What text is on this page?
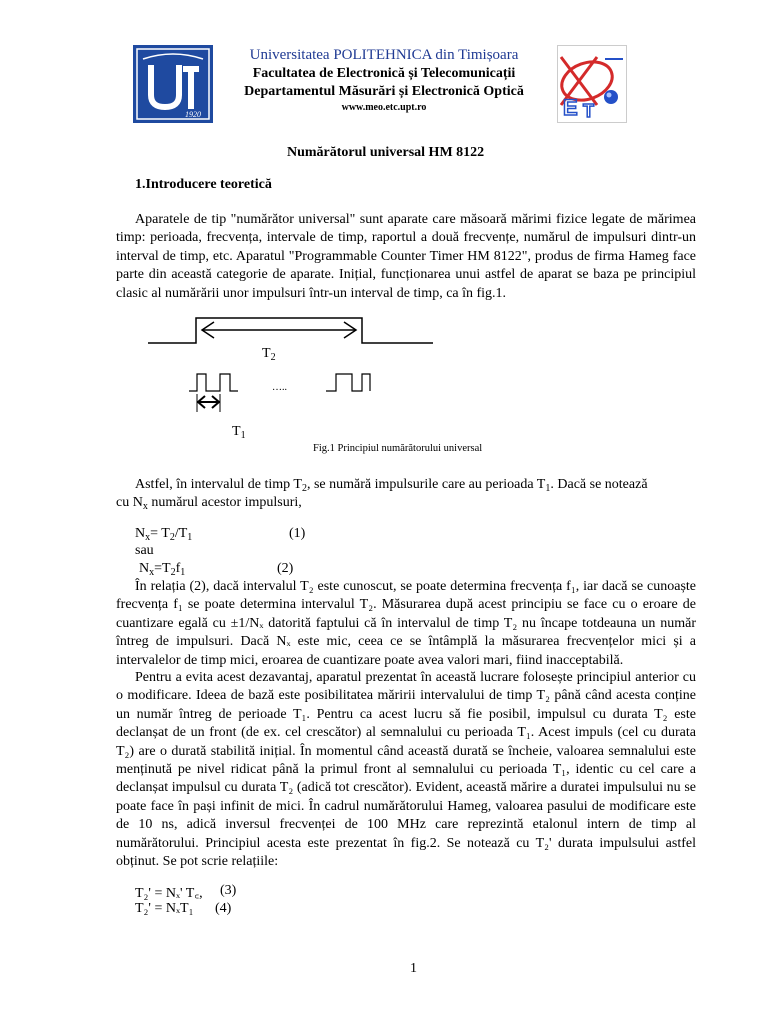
1920
Universitatea POLITEHNICA din Timișoara
Facultatea de Electronică și Telecomunicații
Departamentul Măsurări și Electronică Optică
www.meo.etc.upt.ro	E T
Numărătorul universal HM 8122
1.Introducere teoretică
Aparatele de tip "numărător universal" sunt aparate care măsoară mărimi fizice legate de mărimea timp: perioada, frecvența, intervale de timp, raportul a două frecvențe, numărul de impulsuri dintr-un interval de timp, etc. Aparatul "Programmable Counter Timer HM 8122", produs de firma Hameg face parte din această categorie de aparate. Inițial, funcționarea unui astfel de aparat se baza pe principiul clasic al numărării unor impulsuri într-un interval de timp, ca în fig.1.
…..
$T_2$
$T_1$
Fig.1 Principiul numărătorului universal
Astfel, în intervalul de timp $T_2$, se numără impulsurile care au perioada $T_1$. Dacă se notează
cu $N_x$ numărul acestor impulsuri,
$N_x= T_2/T_1$	(1)
sau
$N_x=T_2f_1$	(2)
În relația (2), dacă intervalul T₂ este cunoscut, se poate determina frecvența f₁, iar dacă se cunoaște frecvența f₁ se poate determina intervalul T₂. Măsurarea după acest principiu se face cu o eroare de cuantizare egală cu ±1/Nₓ datorită faptului că în intervalul de timp T₂ nu încape totdeauna un număr întreg de impulsuri. Dacă Nₓ este mic, ceea ce se întâmplă la măsurarea frecvențelor mici și a intervalelor de timp mici, eroarea de cuantizare poate avea valori mari, fiind inacceptabilă.
Pentru a evita acest dezavantaj, aparatul prezentat în această lucrare folosește principiul anterior cu o modificare. Ideea de bază este posibilitatea măririi intervalului de timp T₂ până când acesta conține un număr întreg de perioade T₁. Pentru ca acest lucru să fie posibil, impulsul cu durata T₂ este declanșat de un front (de ex. cel crescător) al semnalului cu perioada T₁. Acest impuls (cel cu durata T₂) are o durată stabilită inițial. În momentul când această durată se încheie, valoarea semnalului este menținută pe nivel ridicat până la primul front al semnalului cu perioada T₁, identic cu cel care a declanșat impulsul cu durata T₂ (adică tot crescător). Evident, această mărire a duratei impulsului nu se poate face în pași infinit de mici. În cadrul numărătorului Hameg, valoarea pasului de modificare este de 10 ns, adică inversul frecvenței de 100 MHz care reprezintă etalonul intern de timp al numărătorului. Principiul acesta este prezentat în fig.2. Se notează cu T₂' durata impulsului astfel obținut. Se pot scrie relațiile:
T₂' = Nₓ' T꜀, (3)
T₂' = NₓT₁ (4)
1
